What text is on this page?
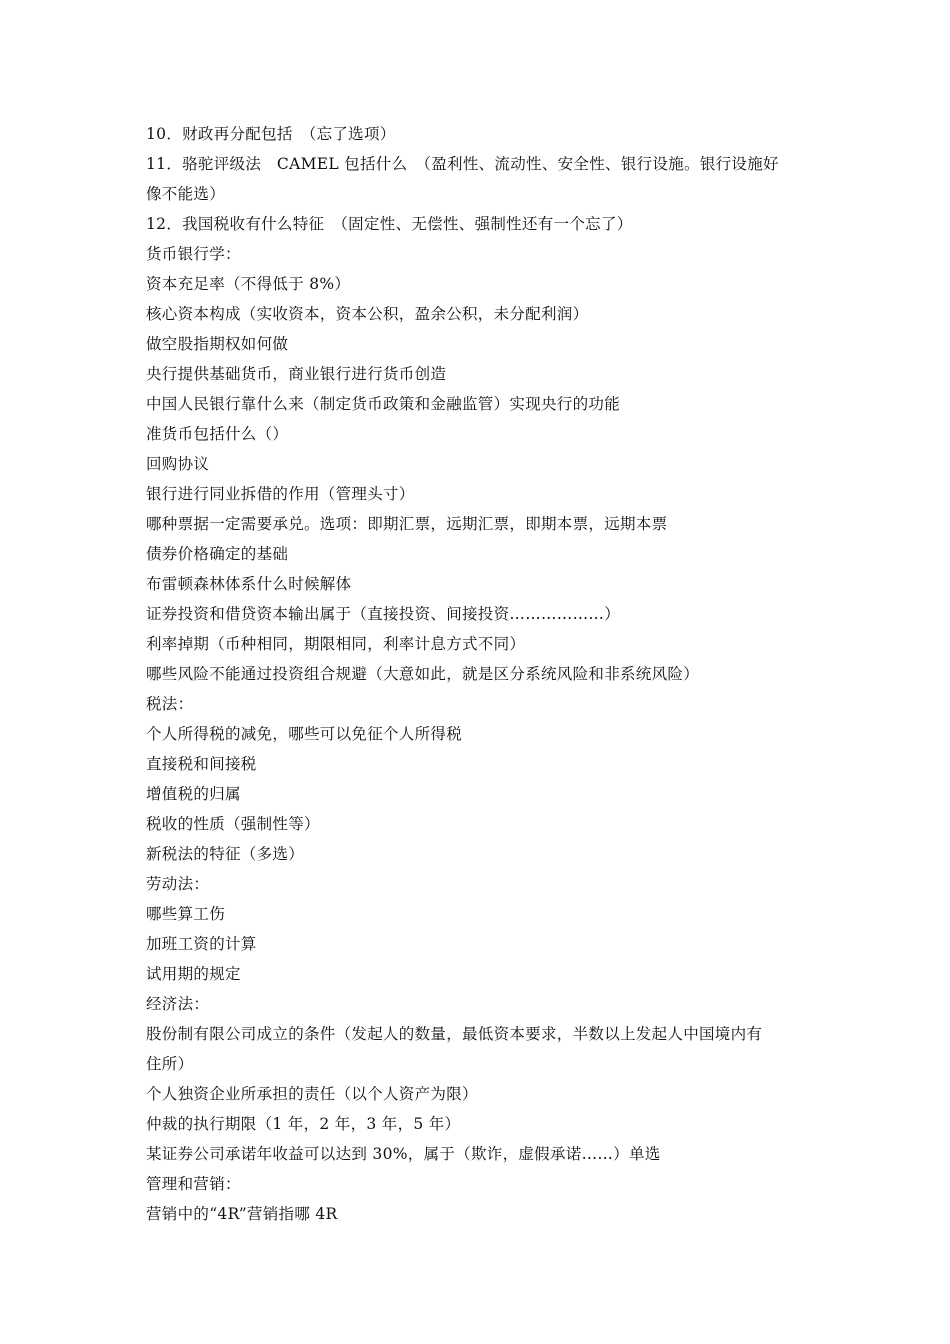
10．财政再分配包括　（忘了选项）
11．骆驼评级法　CAMEL 包括什么　（盈利性、流动性、安全性、银行设施。银行设施好
像不能选）
12．我国税收有什么特征　（固定性、无偿性、强制性还有一个忘了）
货币银行学：
资本充足率（不得低于 8%）
核心资本构成（实收资本，资本公积，盈余公积，未分配利润）
做空股指期权如何做
央行提供基础货币，商业银行进行货币创造
中国人民银行靠什么来（制定货币政策和金融监管）实现央行的功能
准货币包括什么（）
回购协议
银行进行同业拆借的作用（管理头寸）
哪种票据一定需要承兑。选项：即期汇票，远期汇票，即期本票，远期本票
债券价格确定的基础
布雷顿森林体系什么时候解体
证券投资和借贷资本输出属于（直接投资、间接投资………………）
利率掉期（币种相同，期限相同，利率计息方式不同）
哪些风险不能通过投资组合规避（大意如此，就是区分系统风险和非系统风险）
税法：
个人所得税的减免，哪些可以免征个人所得税
直接税和间接税
增值税的归属
税收的性质（强制性等）
新税法的特征（多选）
劳动法：
哪些算工伤
加班工资的计算
试用期的规定
经济法：
股份制有限公司成立的条件（发起人的数量，最低资本要求，半数以上发起人中国境内有
住所）
个人独资企业所承担的责任（以个人资产为限）
仲裁的执行期限（1 年，2 年，3 年，5 年）
某证券公司承诺年收益可以达到 30%，属于（欺诈，虚假承诺……）单选
管理和营销：
营销中的“4R”营销指哪 4R
